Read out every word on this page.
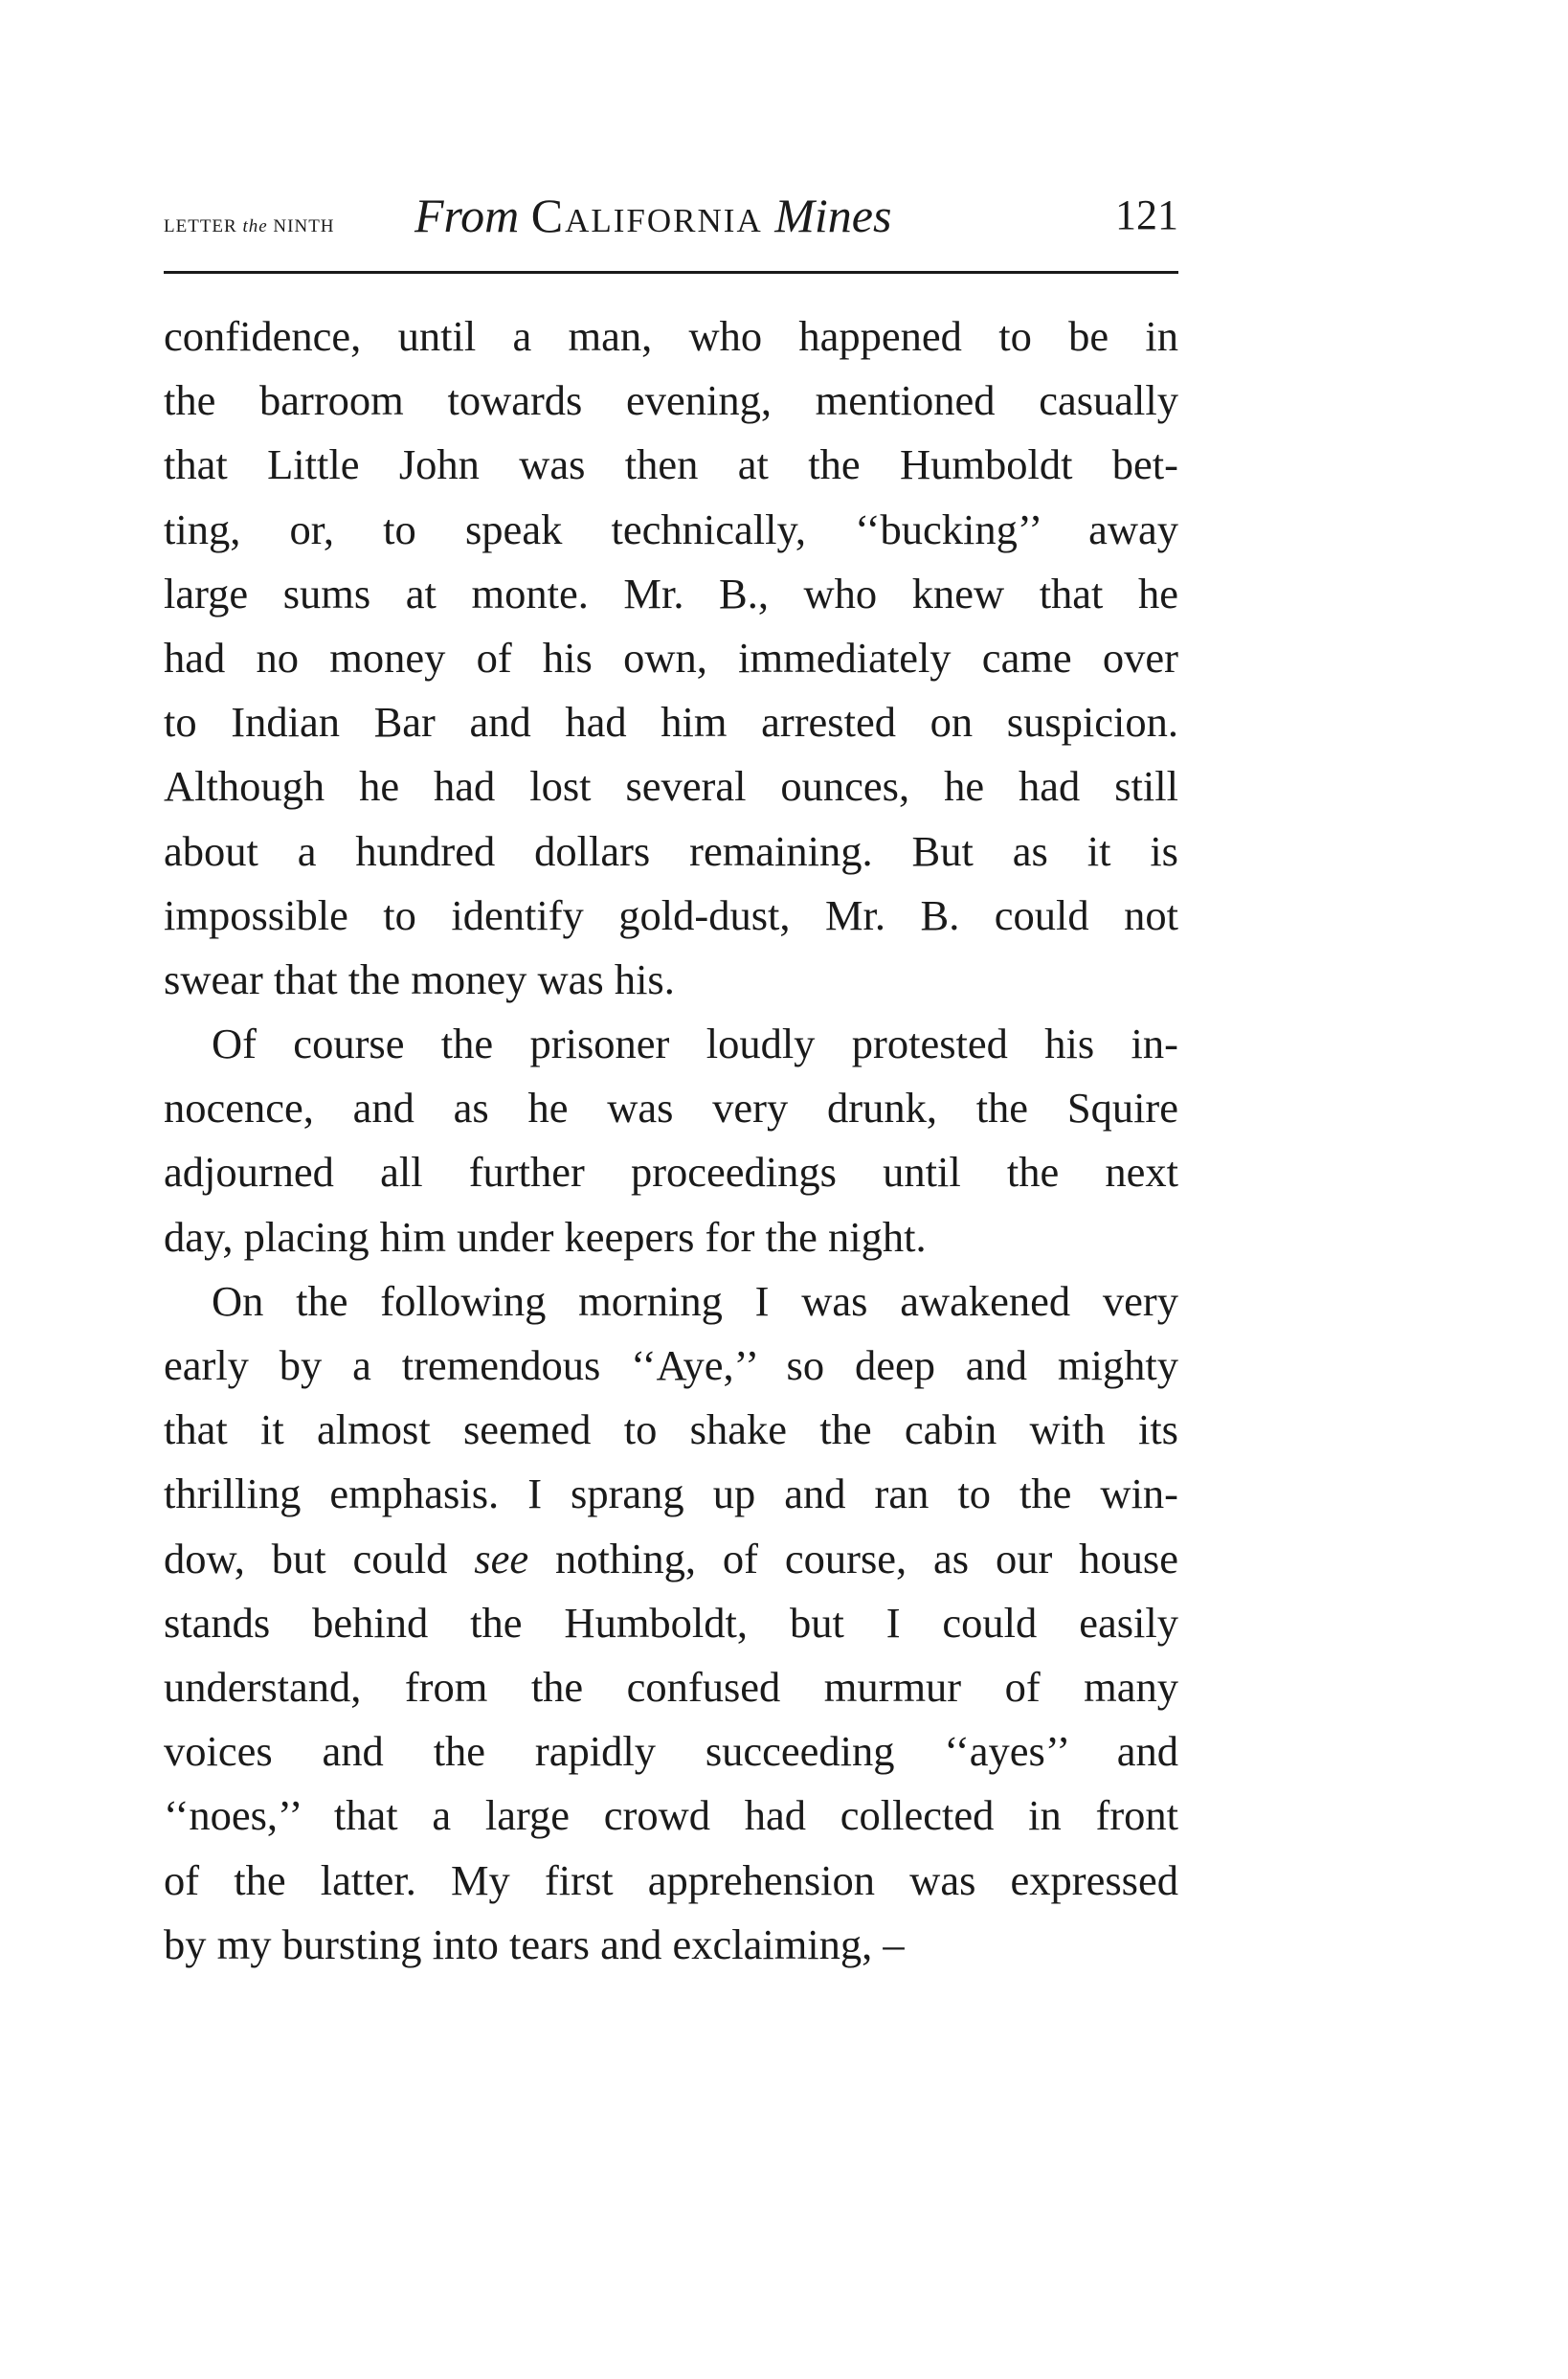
LETTER the NINTH From California Mines	121
confidence, until a man, who happened to be in
the barroom towards evening, mentioned casually
that Little John was then at the Humboldt bet-
ting, or, to speak technically, ‘‘bucking’’ away
large sums at monte. Mr. B., who knew that he
had no money of his own, immediately came over
to Indian Bar and had him arrested on suspicion.
Although he had lost several ounces, he had still
about a hundred dollars remaining. But as it is
impossible to identify gold-dust, Mr. B. could not
swear that the money was his.
Of course the prisoner loudly protested his in-
nocence, and as he was very drunk, the Squire
adjourned all further proceedings until the next
day, placing him under keepers for the night.
On the following morning I was awakened very
early by a tremendous ‘‘Aye,’’ so deep and mighty
that it almost seemed to shake the cabin with its
thrilling emphasis. I sprang up and ran to the win-
dow, but could see nothing, of course, as our house
stands behind the Humboldt, but I could easily
understand, from the confused murmur of many
voices and the rapidly succeeding ‘‘ayes’’ and
‘‘noes,’’ that a large crowd had collected in front
of the latter. My first apprehension was expressed
by my bursting into tears and exclaiming, –
